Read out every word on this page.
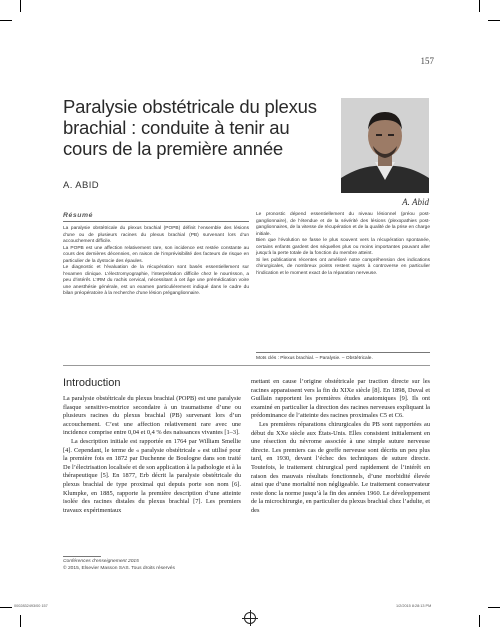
157
Paralysie obstétricale du plexus brachial : conduite à tenir au cours de la première année
A. Abid
A. ABID
Résumé

La paralysie obstétricale du plexus brachial (POPB) définit l’ensemble des lésions d’une ou de plusieurs racines du plexus brachial (PB) survenant lors d’un accouchement difficile.

La POPB est une affection relativement rare, son incidence est restée constante au cours des dernières décennies, en raison de l’imprévisibilité des facteurs de risque en particulier de la dystocie des épaules.

Le diagnostic et l’évaluation de la récupération sont basés essentiellement sur l’examen clinique. L’électromyographie, l’interprétation difficile chez le nourrisson, a peu d’intérêt. L’IRM du rachis cervical, nécessitant à cet âge une prémédication voire une anesthésie générale, est un examen particulièrement indiqué dans le cadre du bilan préopératoire à la recherche d’une lésion préganglionnaire.

Le pronostic dépend essentiellement du niveau lésionnel (préou post-ganglionnaire), de l’étendue et de la sévérité des lésions (plexopathies post-ganglionnaires, de la vitesse de récupération et de la qualité de la prise en charge initiale.

Bien que l’évolution se fasse le plus souvent vers la récupération spontanée, certains enfants gardent des séquelles plus ou moins importantes pouvant aller jusqu’à la perte totale de la fonction du membre atteint.

Si les publications récentes ont amélioré notre compréhension des indications chirurgicales, de nombreux points restent sujets à controverse en particulier l’indication et le moment exact de la réparation nerveuse.

Mots clés : Plexus brachial. – Paralysie. – Obstétricale.
Introduction

La paralysie obstétricale du plexus brachial (POPB) est une paralysie flasque sensitivo-motrice secondaire à un traumatisme d’une ou plusieurs racines du plexus brachial (PB) survenant lors d’un accouchement. C’est une affection relativement rare avec une incidence comprise entre 0,04 et 0,4 % des naissances vivantes [1–3].

La description initiale est rapportée en 1764 par William Smellie [4]. Cependant, le terme de « paralysie obstétricale » est utilisé pour la première fois en 1872 par Duchenne de Boulogne dans son traité De l’électrisation localisée et de son application à la pathologie et à la thérapeutique [5]. En 1877, Erb décrit la paralysie obstétricale du plexus brachial de type proximal qui depuis porte son nom [6]. Klumpke, en 1885, rapporte la première description d’une atteinte isolée des racines distales du plexus brachial [7]. Les premiers travaux expérimentaux

mettant en cause l’origine obstétricale par traction directe sur les racines apparaissent vers la fin du XIXe siècle [8]. En 1898, Duval et Guillain rapportent les premières études anatomiques [9]. Ils ont examiné en particulier la direction des racines nerveuses expliquant la prédominance de l’atteinte des racines proximales C5 et C6.

Les premières réparations chirurgicales du PB sont rapportées au début du XXe siècle aux États-Unis. Elles consistent initialement en une résection du névrome associée à une simple suture nerveuse directe. Les premiers cas de greffe nerveuse sont décrits un peu plus tard, en 1930, devant l’échec des techniques de suture directe. Toutefois, le traitement chirurgical perd rapidement de l’intérêt en raison des mauvais résultats fonctionnels, d’une morbidité élevée ainsi que d’une mortalité non négligeable. Le traitement conservateur reste donc la norme jusqu’à la fin des années 1960. Le développement de la microchirurgie, en particulier du plexus brachial chez l’adulte, et des

Conférences d’enseignement 2015
© 2015, Elsevier Masson SAS. Tous droits réservés
0002832493/00 157	1/2/2015 8:28:13 PM
